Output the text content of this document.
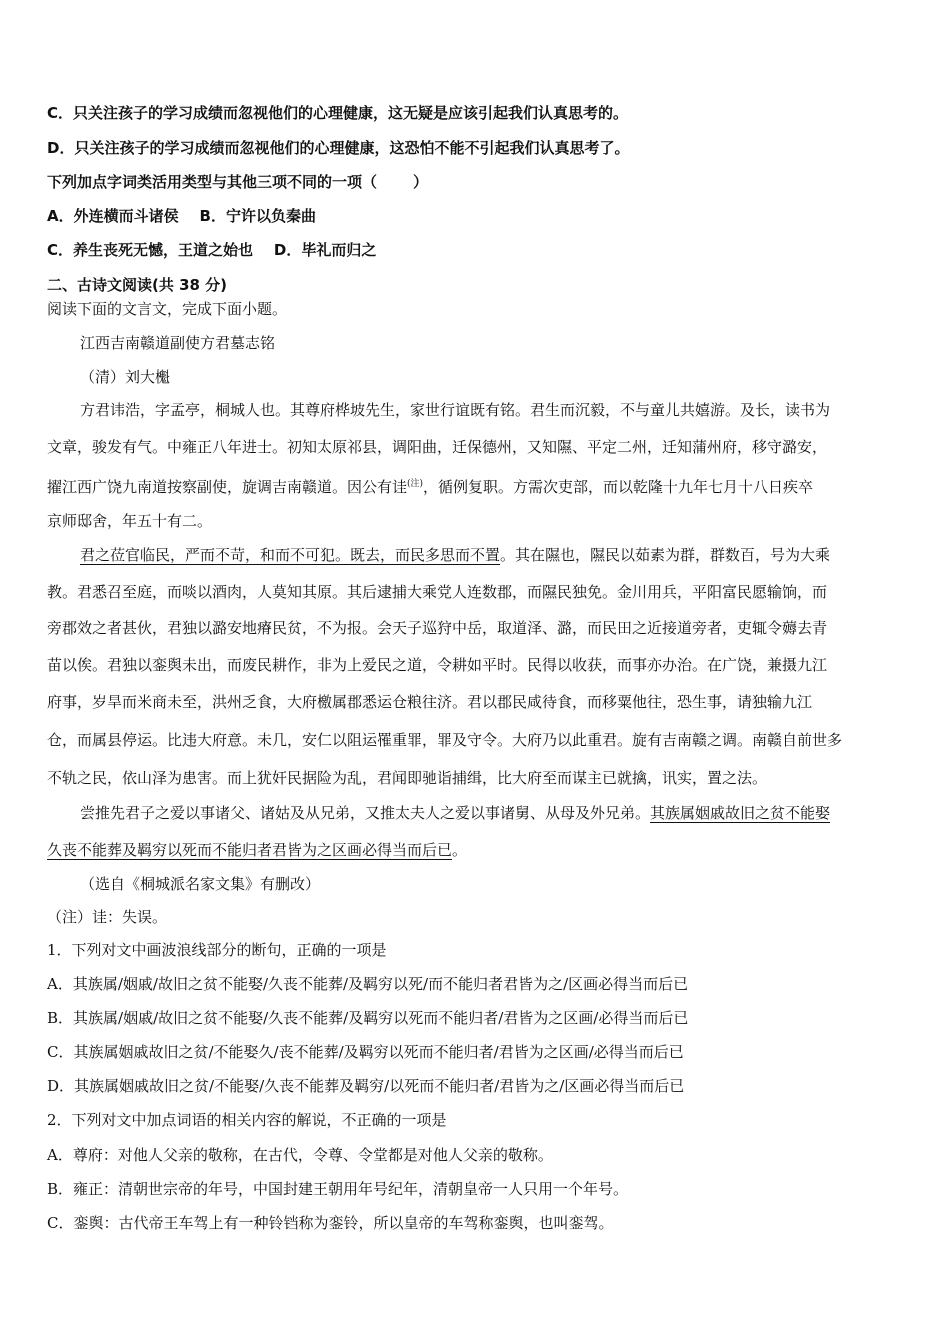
C．只关注孩子的学习成绩而忽视他们的心理健康，这无疑是应该引起我们认真思考的。
D．只关注孩子的学习成绩而忽视他们的心理健康，这恐怕不能不引起我们认真思考了。
下列加点字词类活用类型与其他三项不同的一项（ ）
A．外连横而斗诸侯 B．宁许以负秦曲
C．养生丧死无憾，王道之始也 D．毕礼而归之
二、古诗文阅读(共 38 分)
阅读下面的文言文，完成下面小题。
江西吉南赣道副使方君墓志铭
（清）刘大櫆
方君讳浩，字孟亭，桐城人也。其尊府桦坡先生，家世行谊既有铭。君生而沉毅，不与童儿共嬉游。及长，读书为
文章，骏发有气。中雍正八年进士。初知太原祁县，调阳曲，迁保德州，又知隰、平定二州，迁知蒲州府，移守潞安，
擢江西广饶九南道按察副使，旋调吉南赣道。因公有诖$^{(注)}$，循例复职。方需次吏部，而以乾隆十九年七月十八日疾卒
京师邸舍，年五十有二。
君之莅官临民，严而不苛，和而不可犯。既去，而民多思而不置。其在隰也，隰民以茹素为群，群数百，号为大乘
教。君悉召至庭，而啖以酒肉，人莫知其原。其后逮捕大乘党人连数郡，而隰民独免。金川用兵，平阳富民愿输饷，而
旁郡效之者甚伙，君独以潞安地瘠民贫，不为报。会天子巡狩中岳，取道泽、潞，而民田之近接道旁者，吏辄令薅去青
苗以俟。君独以銮舆未出，而废民耕作，非为上爱民之道，令耕如平时。民得以收获，而事亦办治。在广饶，兼摄九江
府事，岁旱而米商未至，洪州乏食，大府檄属郡悉运仓粮往济。君以郡民咸待食，而移粟他往，恐生事，请独输九江
仓，而属县停运。比违大府意。未几，安仁以阻运罹重罪，罪及守令。大府乃以此重君。旋有吉南赣之调。南赣自前世多
不轨之民，依山泽为患害。而上犹奸民据险为乱，君闻即驰诣捕缉，比大府至而谋主已就擒，讯实，置之法。
尝推先君子之爱以事诸父、诸姑及从兄弟，又推太夫人之爱以事诸舅、从母及外兄弟。其族属姻戚故旧之贫不能娶
久丧不能葬及羁穷以死而不能归者君皆为之区画必得当而后已。
（选自《桐城派名家文集》有删改）
（注）诖：失误。
1．下列对文中画波浪线部分的断句，正确的一项是
A．其族属/姻戚/故旧之贫不能娶/久丧不能葬/及羁穷以死/而不能归者君皆为之/区画必得当而后已
B．其族属/姻戚/故旧之贫不能娶/久丧不能葬/及羁穷以死而不能归者/君皆为之区画/必得当而后已
C．其族属姻戚故旧之贫/不能娶久/丧不能葬/及羁穷以死而不能归者/君皆为之区画/必得当而后已
D．其族属姻戚故旧之贫/不能娶/久丧不能葬及羁穷/以死而不能归者/君皆为之/区画必得当而后已
2．下列对文中加点词语的相关内容的解说，不正确的一项是
A．尊府：对他人父亲的敬称，在古代，令尊、令堂都是对他人父亲的敬称。
B．雍正：清朝世宗帝的年号，中国封建王朝用年号纪年，清朝皇帝一人只用一个年号。
C．銮舆：古代帝王车驾上有一种铃铛称为銮铃，所以皇帝的车驾称銮舆，也叫銮驾。
